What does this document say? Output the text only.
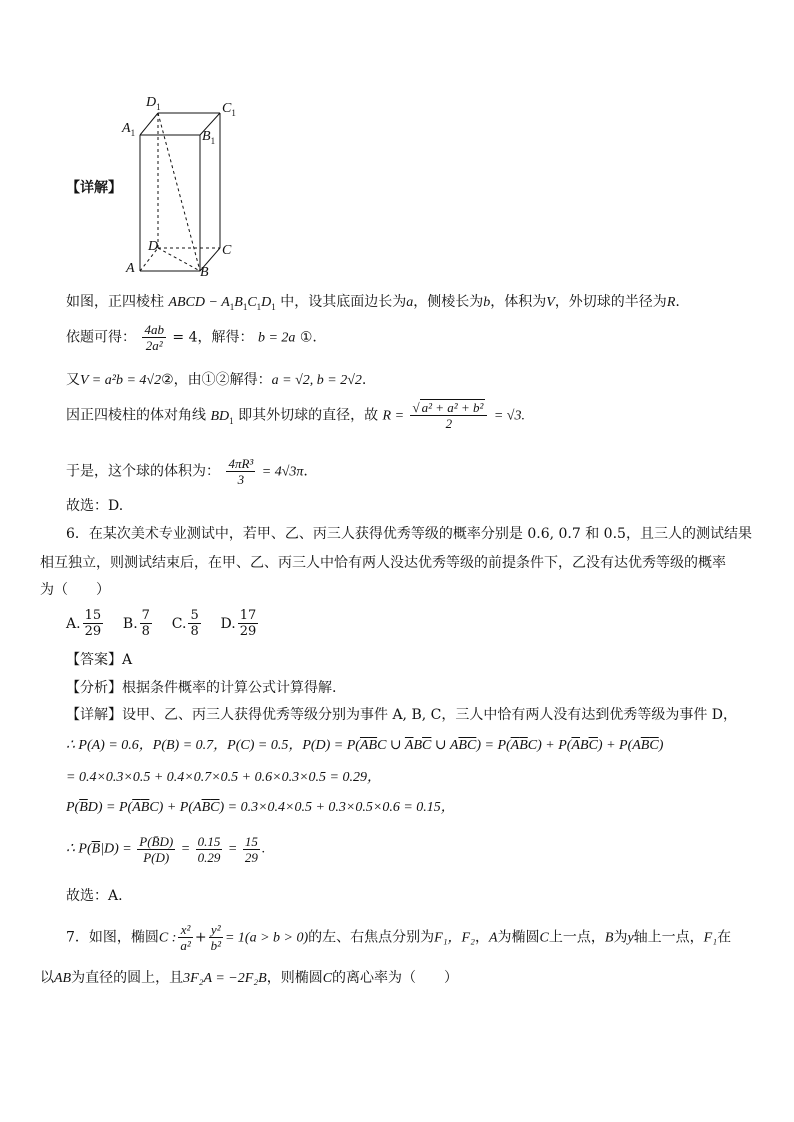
$D_1$	$C_1$
$A_1$	$B_1$
D	C
A	B
【详解】
如图，正四棱柱 ABCD − $A_1B_1C_1D_1$ 中，设其底面边长为a，侧棱长为b，体积为V，外切球的半径为R.
依题可得： $\frac{4ab}{\text{2a²}} = 4$，解得： b = 2a ①.
又V = a²b = 4√2②，由①②解得：a = √2, b = 2√2.
因正四棱柱的体对角线 $BD_1$ 即其外切球的直径，故 $R = \frac{\text{√ a² + a² + b²}}{2} = √3$.
于是，这个球的体积为： $\frac{\text{4πR³}}{3} = 4√3\pi$.
故选：D.
6．在某次美术专业测试中，若甲、乙、丙三人获得优秀等级的概率分别是 0.6, 0.7 和 0.5，且三人的测试结果
相互独立，则测试结束后，在甲、乙、丙三人中恰有两人没达优秀等级的前提条件下，乙没有达优秀等级的概率
为（　　）
A. $\frac{15}{29} B$. $\frac{7}{8} C$. $\frac{5}{8} D$. $\frac{17}{29}$
【答案】A
【分析】根据条件概率的计算公式计算得解.
【详解】设甲、乙、丙三人获得优秀等级分别为事件 A, B, C，三人中恰有两人没有达到优秀等级为事件 D，
∴ P(A) = 0.6，P(B) = 0.7，P(C) = 0.5，$P(D) = P(\overline{A}\overline{B}C$ ∪ $\overline{A}B\overline{C}$ ∪ $A\overline{B}\overline{C}) = P(\overline{A}\overline{B}C) + P(\overline{A}B\overline{C}) + P(A\overline{B}\overline{C})$
= 0.4×0.3×0.5 + 0.4×0.7×0.5 + 0.6×0.3×0.5 = 0.29，
$P(\overline{B}D) = P(\overline{A}\overline{B}C) + P(A\overline{B}\overline{C}) = 0.3\times 0.4\times 0.5 + 0.3\times 0.5\times 0.6 = 0.15$，
∴ $P(\overline{B}|D) = \frac{P(B̄D)}{P(D)} = \frac{0.15}{0.29} = \frac{15}{29}$ .
故选：A.
7．如图，椭圆C : $\frac{\text{x²}}{\text{a²}} + \frac{\text{y²}}{\text{b²}} = 1(a > b > 0)$的左、右焦点分别为F₁，F₂，A为椭圆C上一点，B为y轴上一点，F₁在
以AB为直径的圆上，且3F₂A = −2F₂B，则椭圆C的离心率为（　　）
